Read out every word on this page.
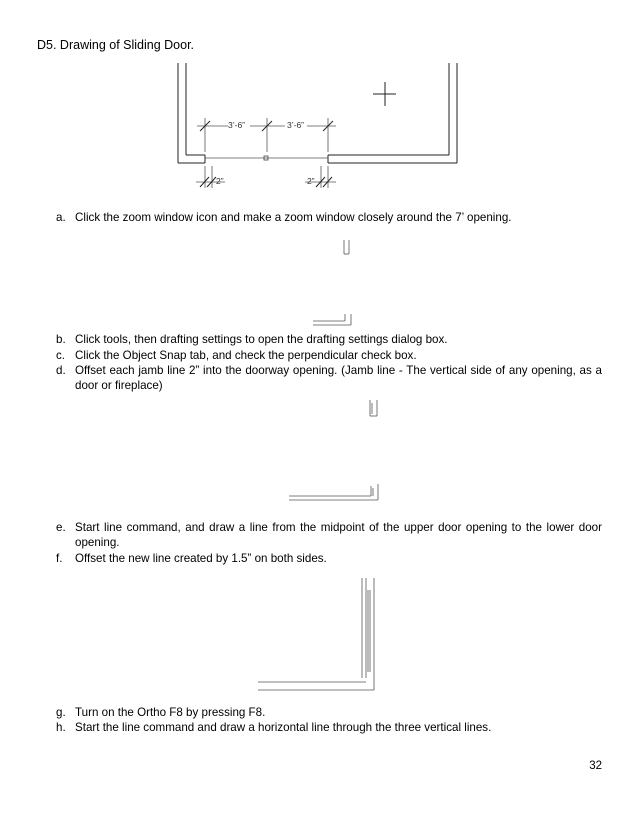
D5. Drawing of Sliding Door.
3’-6”	3’-6”
2”	2”
a. Click the zoom window icon and make a zoom window closely around the 7’ opening.
b. Click tools, then drafting settings to open the drafting settings dialog box.
c. Click the Object Snap tab, and check the perpendicular check box.
d. Offset each jamb line 2” into the doorway opening. (Jamb line - The vertical side of any opening, as a door or fireplace)
e. Start line command, and draw a line from the midpoint of the upper door opening to the lower door opening.
f.	Offset the new line created by 1.5” on both sides.
g. Turn on the Ortho F8 by pressing F8.
h. Start the line command and draw a horizontal line through the three vertical lines.
32
